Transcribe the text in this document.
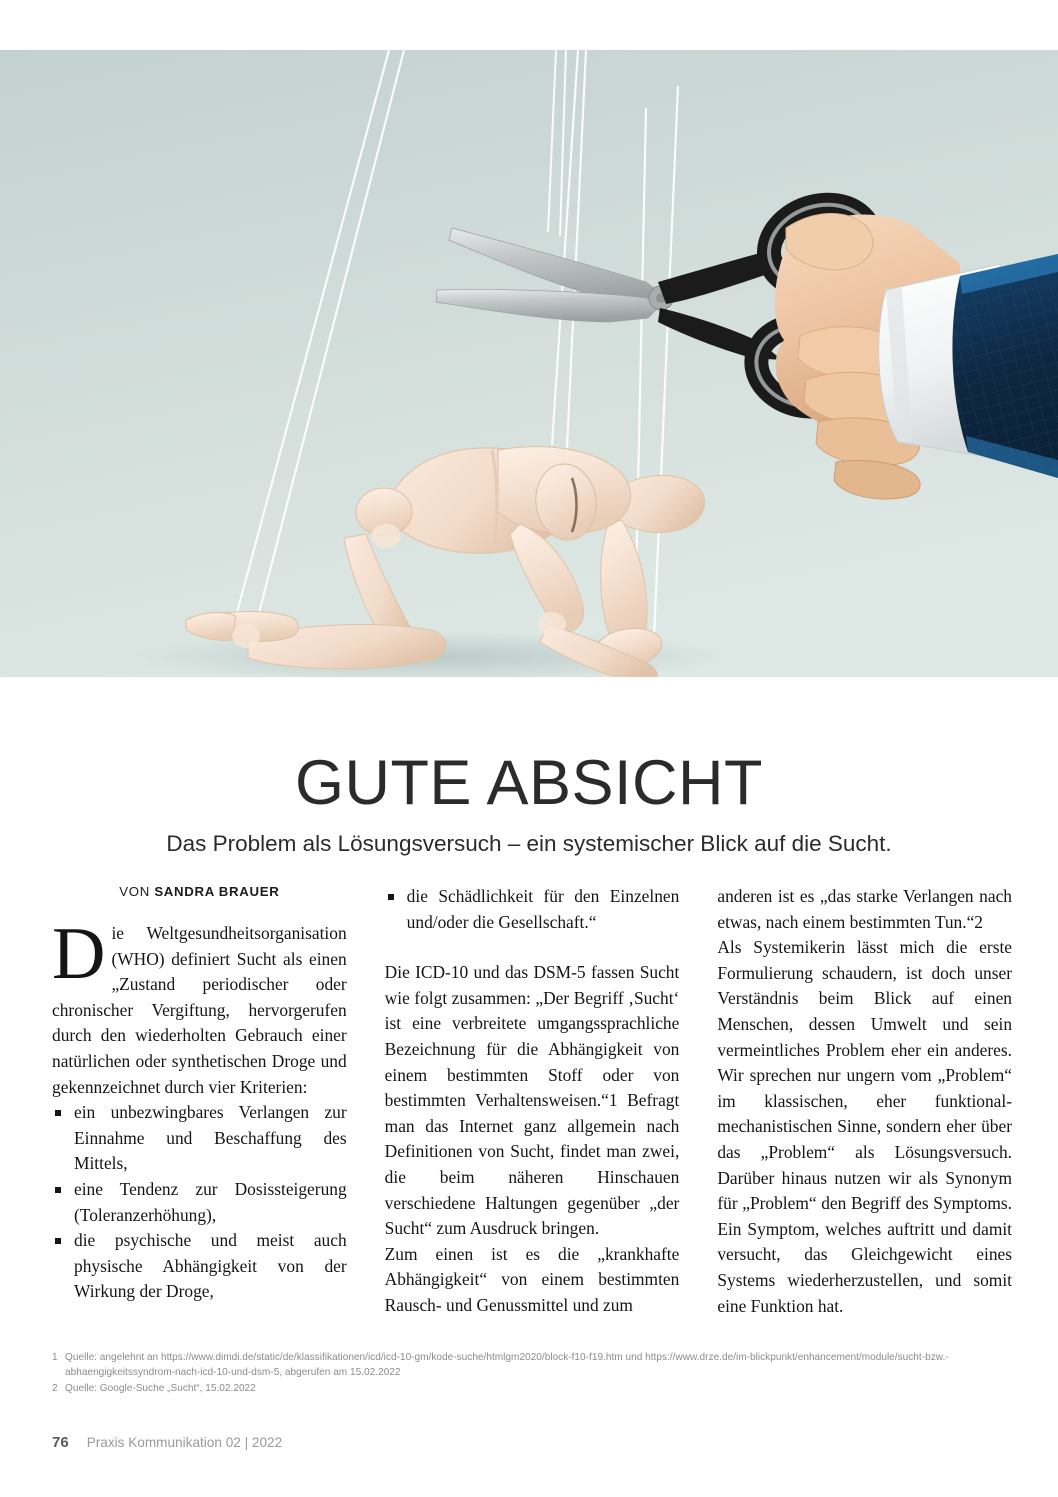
GUTE ABSICHT

Das Problem als Lösungsversuch – ein systemischer Blick auf die Sucht.

VON SANDRA BRAUER

Die Weltgesundheitsorganisation (WHO) definiert Sucht als einen „Zustand periodischer oder chronischer Vergiftung, hervorgerufen durch den wiederholten Gebrauch einer natürlichen oder synthetischen Droge und gekennzeichnet durch vier Kriterien:

ein unbezwingbares Verlangen zur Einnahme und Beschaffung des Mittels,
eine Tendenz zur Dosissteigerung (Toleranzerhöhung),
die psychische und meist auch physische Abhängigkeit von der Wirkung der Droge,
die Schädlichkeit für den Einzelnen und/oder die Gesellschaft.“

Die ICD-10 und das DSM-5 fassen Sucht wie folgt zusammen: „Der Begriff ‚Sucht‘ ist eine verbreitete umgangssprachliche Bezeichnung für die Abhängigkeit von einem bestimmten Stoff oder von bestimmten Verhaltensweisen.“1 Befragt man das Internet ganz allgemein nach Definitionen von Sucht, findet man zwei, die beim näheren Hinschauen verschiedene Haltungen gegenüber „der Sucht“ zum Ausdruck bringen.

Zum einen ist es die „krankhafte Abhängigkeit“ von einem bestimmten Rausch- und Genussmittel und zum

anderen ist es „das starke Verlangen nach etwas, nach einem bestimmten Tun.“2

Als Systemikerin lässt mich die erste Formulierung schaudern, ist doch unser Verständnis beim Blick auf einen Menschen, dessen Umwelt und sein vermeintliches Problem eher ein anderes. Wir sprechen nur ungern vom „Problem“ im klassischen, eher funktional-mechanistischen Sinne, sondern eher über das „Problem“ als Lösungsversuch. Darüber hinaus nutzen wir als Synonym für „Problem“ den Begriff des Symptoms. Ein Symptom, welches auftritt und damit versucht, das Gleichgewicht eines Systems wiederherzustellen, und somit eine Funktion hat.

1 Quelle: angelehnt an https://www.dimdi.de/static/de/klassifikationen/icd/icd-10-gm/kode-suche/htmlgm2020/block-f10-f19.htm und https://www.drze.de/im-blickpunkt/enhancement/module/sucht-bzw.-abhaengigkeitssyndrom-nach-icd-10-und-dsm-5, abgerufen am 15.02.2022
2 Quelle: Google-Suche „Sucht“, 15.02.2022
76 Praxis Kommunikation 02 | 2022
